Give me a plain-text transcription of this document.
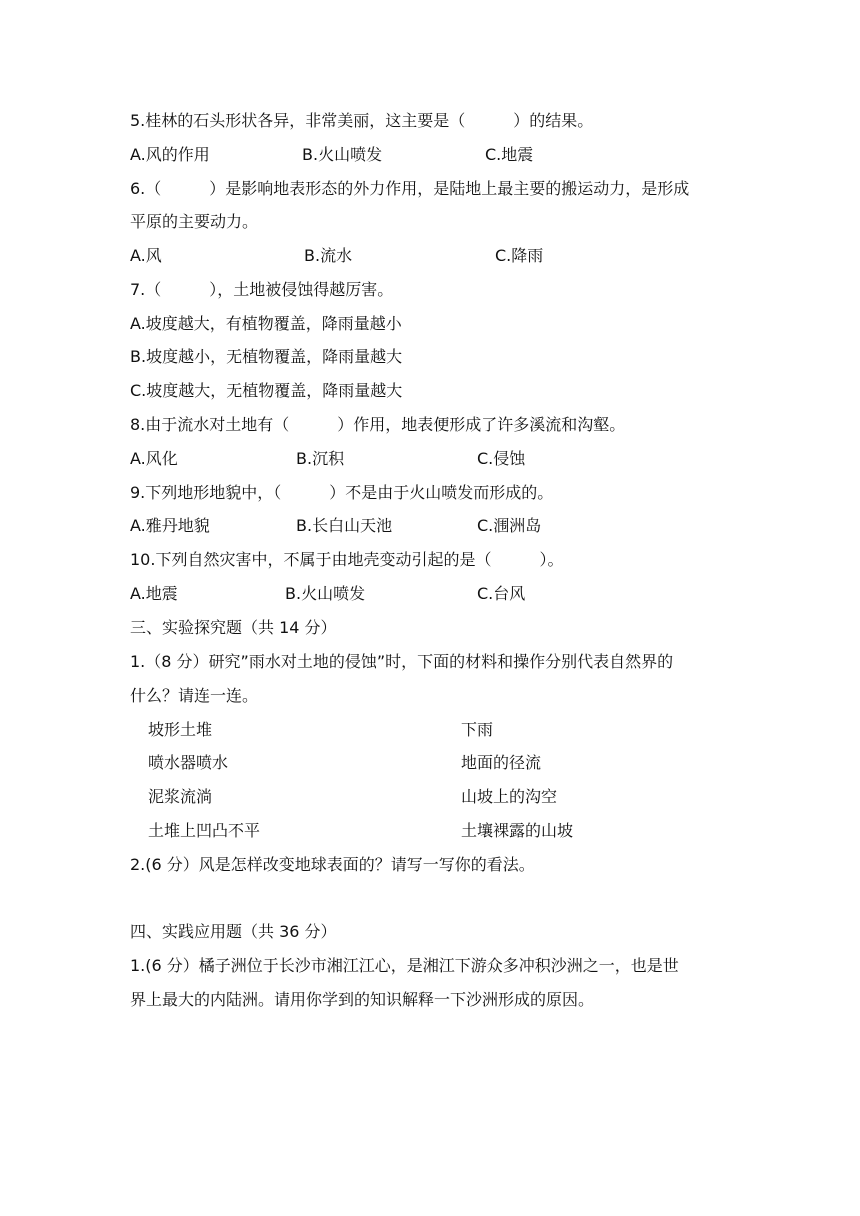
5.桂林的石头形状各异，非常美丽，这主要是（　　　）的结果。
A.风的作用	B.火山喷发	C.地震
6.（　　　）是影响地表形态的外力作用，是陆地上最主要的搬运动力，是形成
平原的主要动力。
A.风	B.流水	C.降雨
7.（　　　），土地被侵蚀得越厉害。
A.坡度越大，有植物覆盖，降雨量越小
B.坡度越小，无植物覆盖，降雨量越大
C.坡度越大，无植物覆盖，降雨量越大
8.由于流水对土地有（　　　）作用，地表便形成了许多溪流和沟壑。
A.风化	B.沉积	C.侵蚀
9.下列地形地貌中，（　　　）不是由于火山喷发而形成的。
A.雅丹地貌	B.长白山天池	C.涠洲岛
10.下列自然灾害中，不属于由地壳变动引起的是（　　　）。
A.地震	B.火山喷发	C.台风
三、实验探究题（共 14 分）
1.（8 分）研究”雨水对土地的侵蚀”时，下面的材料和操作分别代表自然界的
什么？请连一连。
坡形土堆	下雨
喷水器喷水	地面的径流
泥浆流淌	山坡上的沟空
土堆上凹凸不平	土壤裸露的山坡
2.(6 分）风是怎样改变地球表面的？请写一写你的看法。
四、实践应用题（共 36 分）
1.(6 分）橘子洲位于长沙市湘江江心，是湘江下游众多冲积沙洲之一，也是世
界上最大的内陆洲。请用你学到的知识解释一下沙洲形成的原因。
